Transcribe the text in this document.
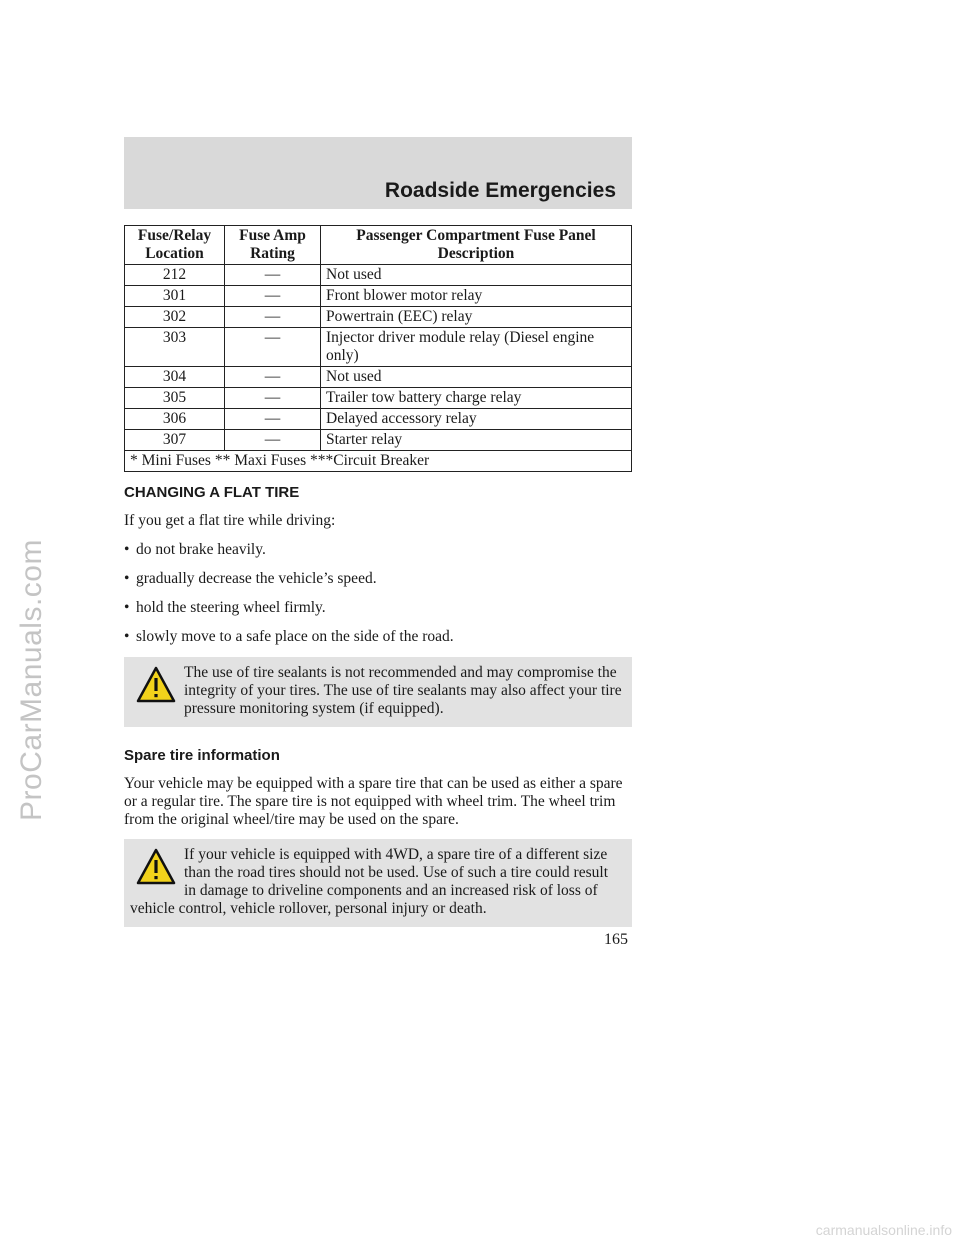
ProCarManuals.com
Roadside Emergencies
Fuse/Relay Location	Fuse Amp Rating	Passenger Compartment Fuse Panel Description
212	—	Not used
301	—	Front blower motor relay
302	—	Powertrain (EEC) relay
303	—	Injector driver module relay (Diesel engine only)
304	—	Not used
305	—	Trailer tow battery charge relay
306	—	Delayed accessory relay
307	—	Starter relay
* Mini Fuses ** Maxi Fuses ***Circuit Breaker		
CHANGING A FLAT TIRE

If you get a flat tire while driving:

• do not brake heavily.
• gradually decrease the vehicle’s speed.
• hold the steering wheel firmly.
• slowly move to a safe place on the side of the road.

The use of tire sealants is not recommended and may compromise the integrity of your tires. The use of tire sealants may also affect your tire pressure monitoring system (if equipped).

Spare tire information

Your vehicle may be equipped with a spare tire that can be used as either a spare or a regular tire. The spare tire is not equipped with wheel trim. The wheel trim from the original wheel/tire may be used on the spare.

If your vehicle is equipped with 4WD, a spare tire of a different size than the road tires should not be used. Use of such a tire could result in damage to driveline components and an increased risk of loss of vehicle control, vehicle rollover, personal injury or death.

165
carmanualsonline.info
